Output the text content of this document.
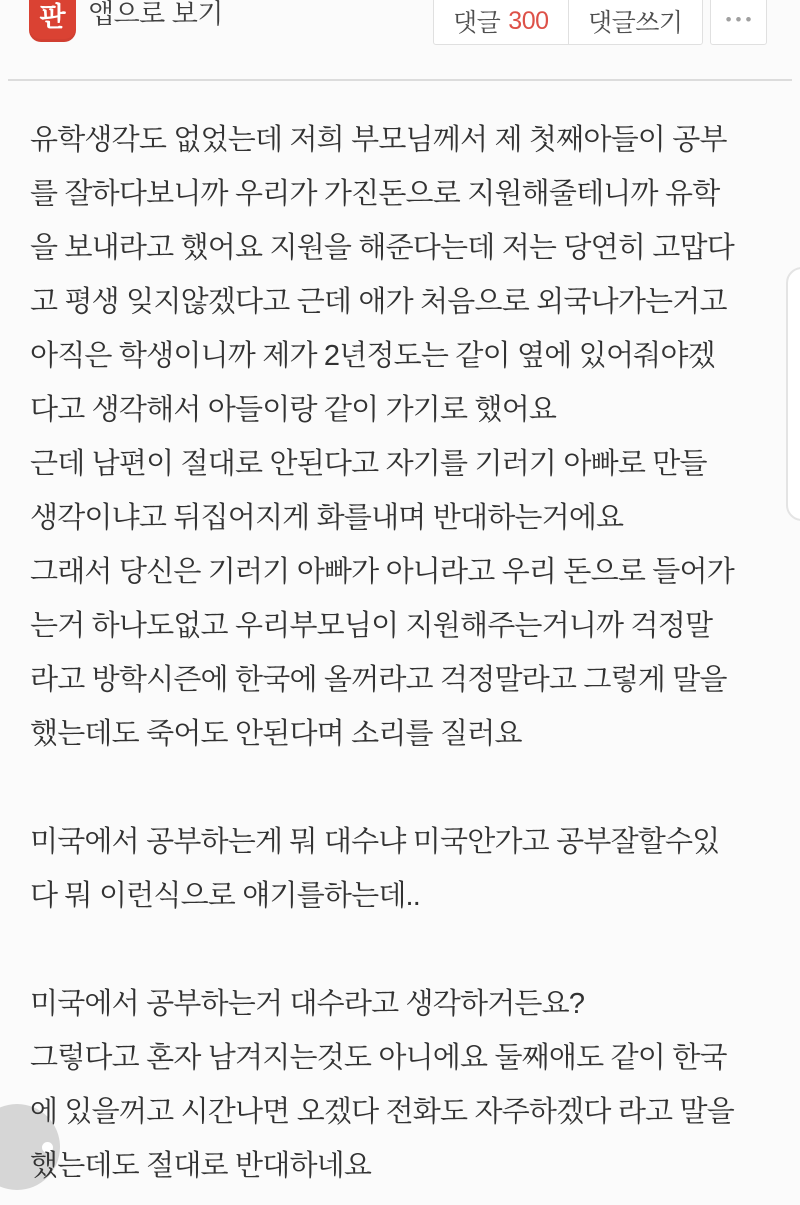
판 앱으로 보기	댓글 300 댓글쓰기	•••
유학생각도 없었는데 저희 부모님께서 제 첫째아들이 공부
를 잘하다보니까 우리가 가진돈으로 지원해줄테니까 유학
을 보내라고 했어요 지원을 해준다는데 저는 당연히 고맙다
고 평생 잊지않겠다고 근데 애가 처음으로 외국나가는거고
아직은 학생이니까 제가 2년정도는 같이 옆에 있어줘야겠
다고 생각해서 아들이랑 같이 가기로 했어요
근데 남편이 절대로 안된다고 자기를 기러기 아빠로 만들
생각이냐고 뒤집어지게 화를내며 반대하는거에요
그래서 당신은 기러기 아빠가 아니라고 우리 돈으로 들어가
는거 하나도없고 우리부모님이 지원해주는거니까 걱정말
라고 방학시즌에 한국에 올꺼라고 걱정말라고 그렇게 말을
했는데도 죽어도 안된다며 소리를 질러요
미국에서 공부하는게 뭐 대수냐 미국안가고 공부잘할수있
다 뭐 이런식으로 얘기를하는데..
미국에서 공부하는거 대수라고 생각하거든요?
그렇다고 혼자 남겨지는것도 아니에요 둘째애도 같이 한국
에 있을꺼고 시간나면 오겠다 전화도 자주하겠다 라고 말을
했는데도 절대로 반대하네요
